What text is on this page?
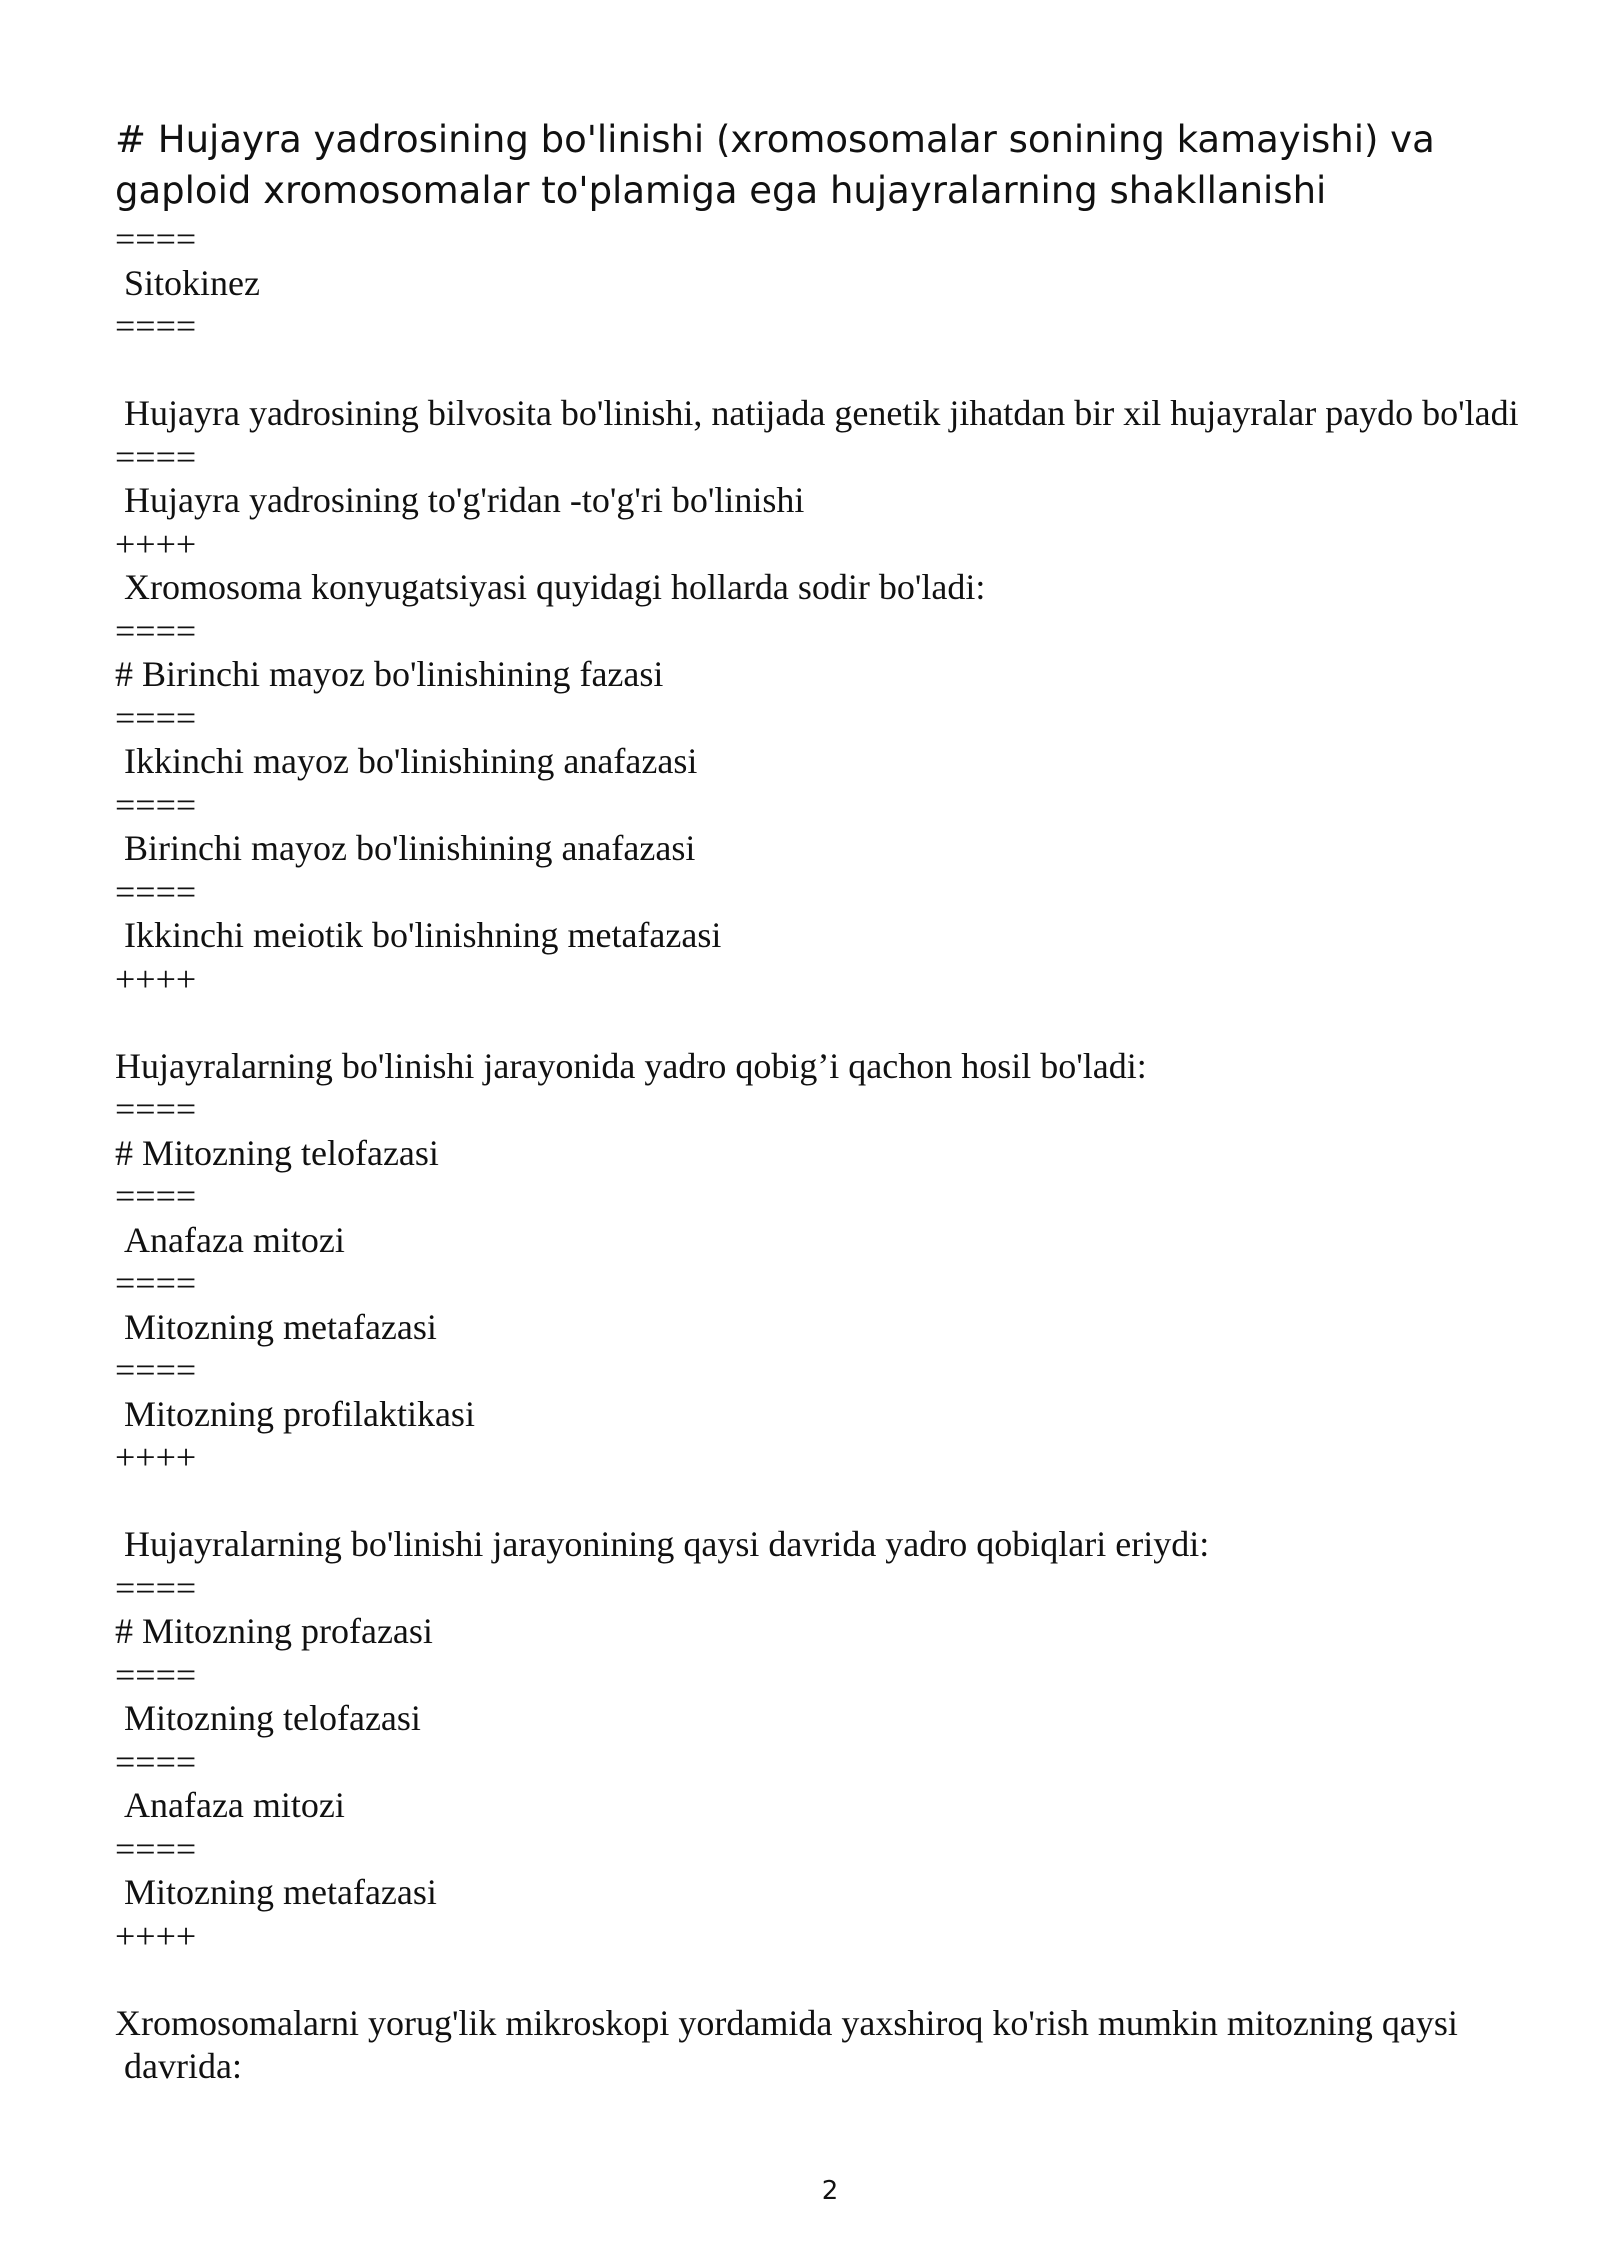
# Hujayra yadrosining bo'linishi (xromosomalar sonining kamayishi) va gaploid xromosomalar to'plamiga ega hujayralarning shakllanishi
====
Sitokinez
====
Hujayra yadrosining bilvosita bo'linishi, natijada genetik jihatdan bir xil hujayralar paydo bo'ladi
====
Hujayra yadrosining to'g'ridan -to'g'ri bo'linishi
++++
Xromosoma konyugatsiyasi quyidagi hollarda sodir bo'ladi:
====
# Birinchi mayoz bo'linishining fazasi
====
Ikkinchi mayoz bo'linishining anafazasi
====
Birinchi mayoz bo'linishining anafazasi
====
Ikkinchi meiotik bo'linishning metafazasi
++++
Hujayralarning bo'linishi jarayonida yadro qobig’i qachon hosil bo'ladi:
====
# Mitozning telofazasi
====
Anafaza mitozi
====
Mitozning metafazasi
====
Mitozning profilaktikasi
++++
Hujayralarning bo'linishi jarayonining qaysi davrida yadro qobiqlari eriydi:
====
# Mitozning profazasi
====
Mitozning telofazasi
====
Anafaza mitozi
====
Mitozning metafazasi
++++
Xromosomalarni yorug'lik mikroskopi yordamida yaxshiroq ko'rish mumkin mitozning qaysi
davrida:
2
